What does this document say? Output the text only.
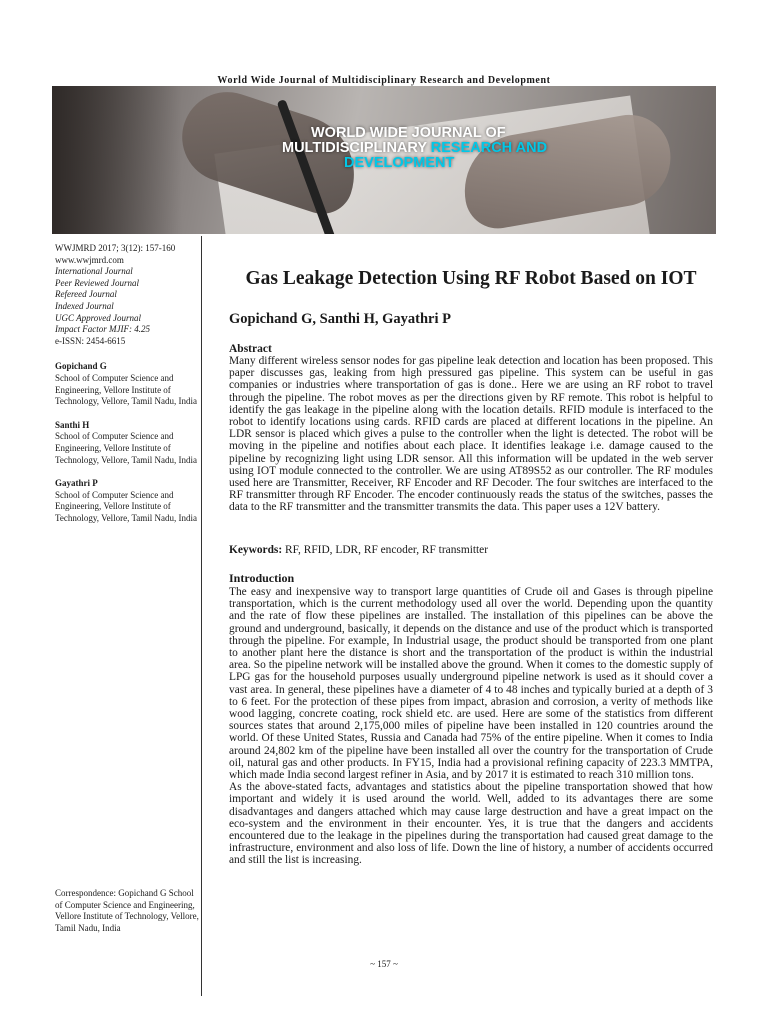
World Wide Journal of Multidisciplinary Research and Development
WORLD WIDE JOURNAL OF
MULTIDISCIPLINARY RESEARCH AND
DEVELOPMENT
WWJMRD 2017; 3(12): 157-160
www.wwjmrd.com
International Journal
Peer Reviewed Journal
Refereed Journal
Indexed Journal
UGC Approved Journal
Impact Factor MJIF: 4.25
e-ISSN: 2454-6615
Gopichand G
School of Computer Science and Engineering, Vellore Institute of Technology, Vellore, Tamil Nadu, India
Santhi H
School of Computer Science and Engineering, Vellore Institute of Technology, Vellore, Tamil Nadu, India
Gayathri P
School of Computer Science and Engineering, Vellore Institute of Technology, Vellore, Tamil Nadu, India
Correspondence: Gopichand G School of Computer Science and Engineering, Vellore Institute of Technology, Vellore, Tamil Nadu, India
Gas Leakage Detection Using RF Robot Based on IOT
Gopichand G, Santhi H, Gayathri P
Abstract
Many different wireless sensor nodes for gas pipeline leak detection and location has been proposed. This paper discusses gas, leaking from high pressured gas pipeline. This system can be useful in gas companies or industries where transportation of gas is done.. Here we are using an RF robot to travel through the pipeline. The robot moves as per the directions given by RF remote. This robot is helpful to identify the gas leakage in the pipeline along with the location details. RFID module is interfaced to the robot to identify locations using cards. RFID cards are placed at different locations in the pipeline. An LDR sensor is placed which gives a pulse to the controller when the light is detected. The robot will be moving in the pipeline and notifies about each place. It identifies leakage i.e. damage caused to the pipeline by recognizing light using LDR sensor. All this information will be updated in the web server using IOT module connected to the controller. We are using AT89S52 as our controller. The RF modules used here are Transmitter, Receiver, RF Encoder and RF Decoder. The four switches are interfaced to the RF transmitter through RF Encoder. The encoder continuously reads the status of the switches, passes the data to the RF transmitter and the transmitter transmits the data. This paper uses a 12V battery.
Keywords: RF, RFID, LDR, RF encoder, RF transmitter
Introduction

The easy and inexpensive way to transport large quantities of Crude oil and Gases is through pipeline transportation, which is the current methodology used all over the world. Depending upon the quantity and the rate of flow these pipelines are installed. The installation of this pipelines can be above the ground and underground, basically, it depends on the distance and use of the product which is transported through the pipeline. For example, In Industrial usage, the product should be transported from one plant to another plant here the distance is short and the transportation of the product is within the industrial area. So the pipeline network will be installed above the ground. When it comes to the domestic supply of LPG gas for the household purposes usually underground pipeline network is used as it should cover a vast area. In general, these pipelines have a diameter of 4 to 48 inches and typically buried at a depth of 3 to 6 feet. For the protection of these pipes from impact, abrasion and corrosion, a verity of methods like wood lagging, concrete coating, rock shield etc. are used. Here are some of the statistics from different sources states that around 2,175,000 miles of pipeline have been installed in 120 countries around the world. Of these United States, Russia and Canada had 75% of the entire pipeline. When it comes to India around 24,802 km of the pipeline have been installed all over the country for the transportation of Crude oil, natural gas and other products. In FY15, India had a provisional refining capacity of 223.3 MMTPA, which made India second largest refiner in Asia, and by 2017 it is estimated to reach 310 million tons.

As the above-stated facts, advantages and statistics about the pipeline transportation showed that how important and widely it is used around the world. Well, added to its advantages there are some disadvantages and dangers attached which may cause large destruction and have a great impact on the eco-system and the environment in their encounter. Yes, it is true that the dangers and accidents encountered due to the leakage in the pipelines during the transportation had caused great damage to the infrastructure, environment and also loss of life. Down the line of history, a number of accidents occurred and still the list is increasing.

~ 157 ~
